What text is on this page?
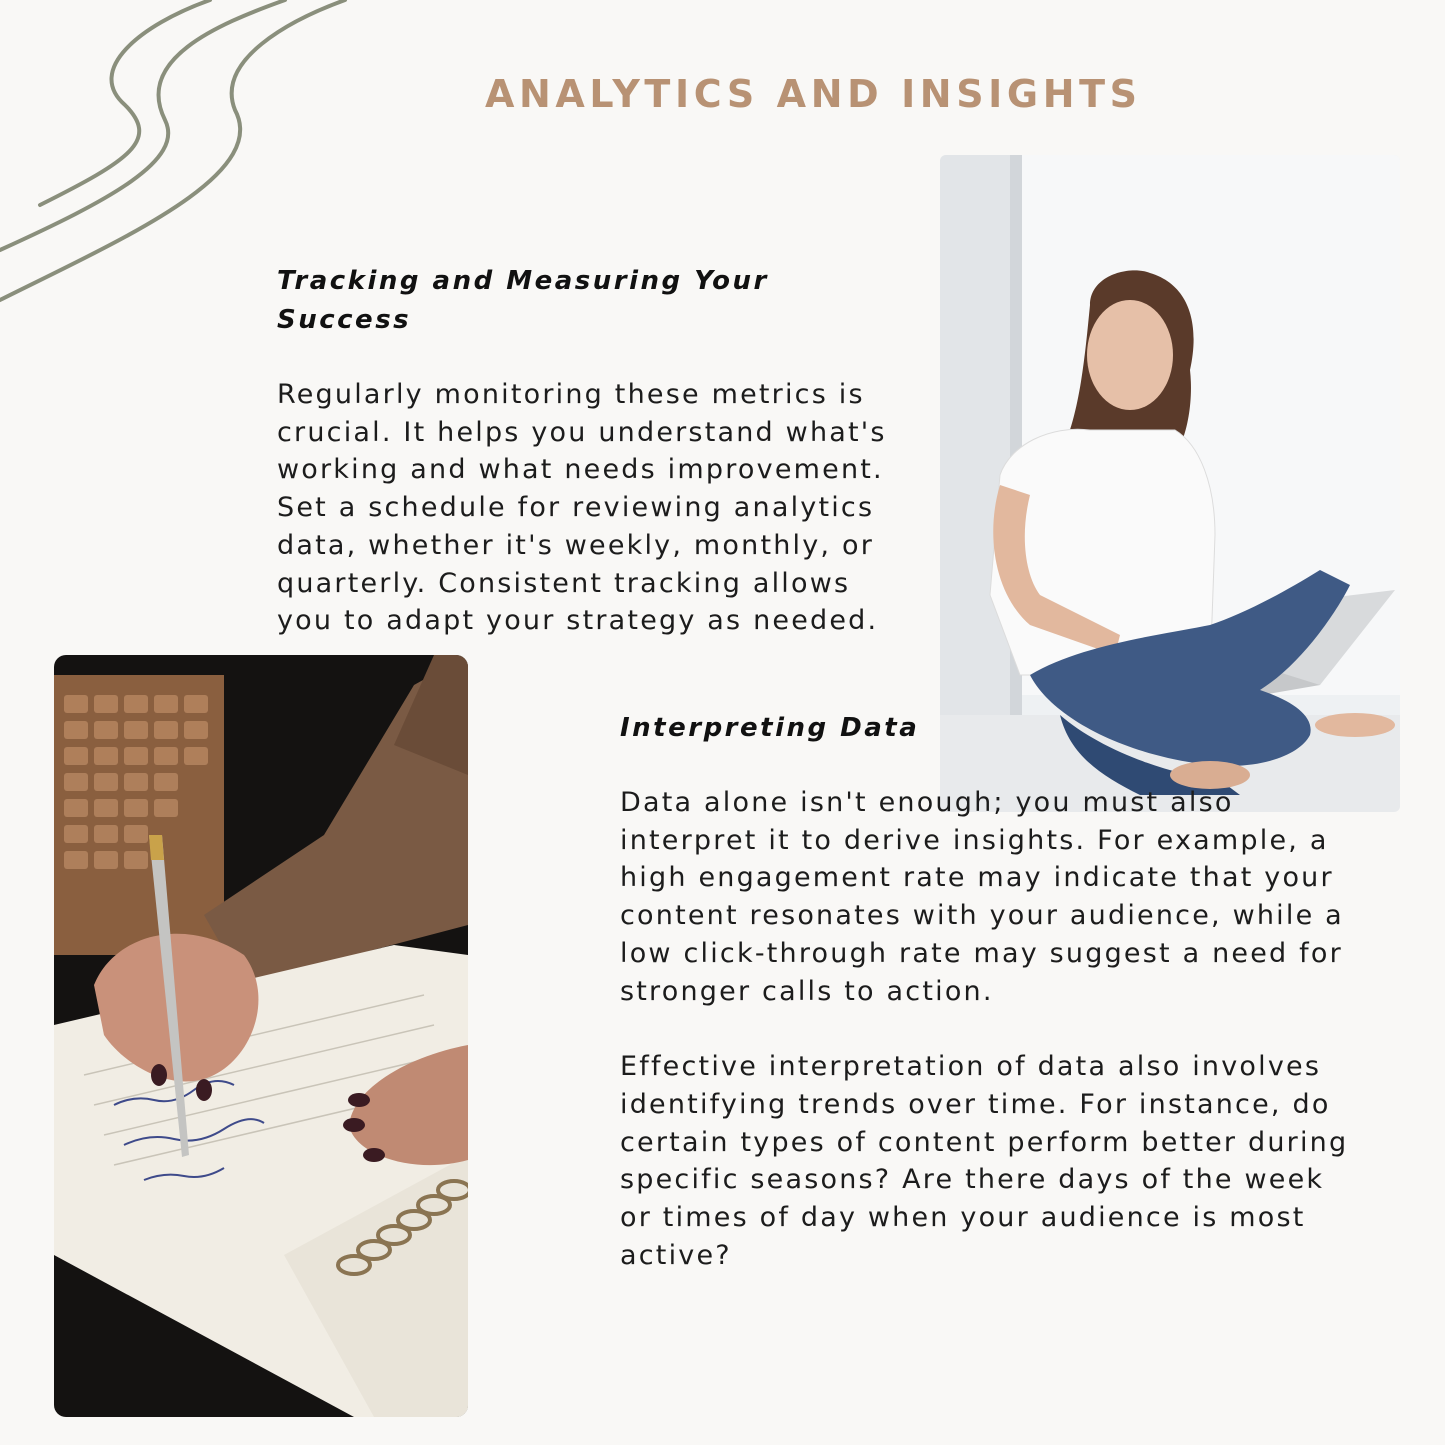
ANALYTICS AND INSIGHTS
Tracking and Measuring Your Success

Regularly monitoring these metrics is crucial. It helps you understand what's working and what needs improvement. Set a schedule for reviewing analytics data, whether it's weekly, monthly, or quarterly. Consistent tracking allows you to adapt your strategy as needed.

Interpreting Data

Data alone isn't enough; you must also interpret it to derive insights. For example, a high engagement rate may indicate that your content resonates with your audience, while a low click-through rate may suggest a need for stronger calls to action.

Effective interpretation of data also involves identifying trends over time. For instance, do certain types of content perform better during specific seasons? Are there days of the week or times of day when your audience is most active?
